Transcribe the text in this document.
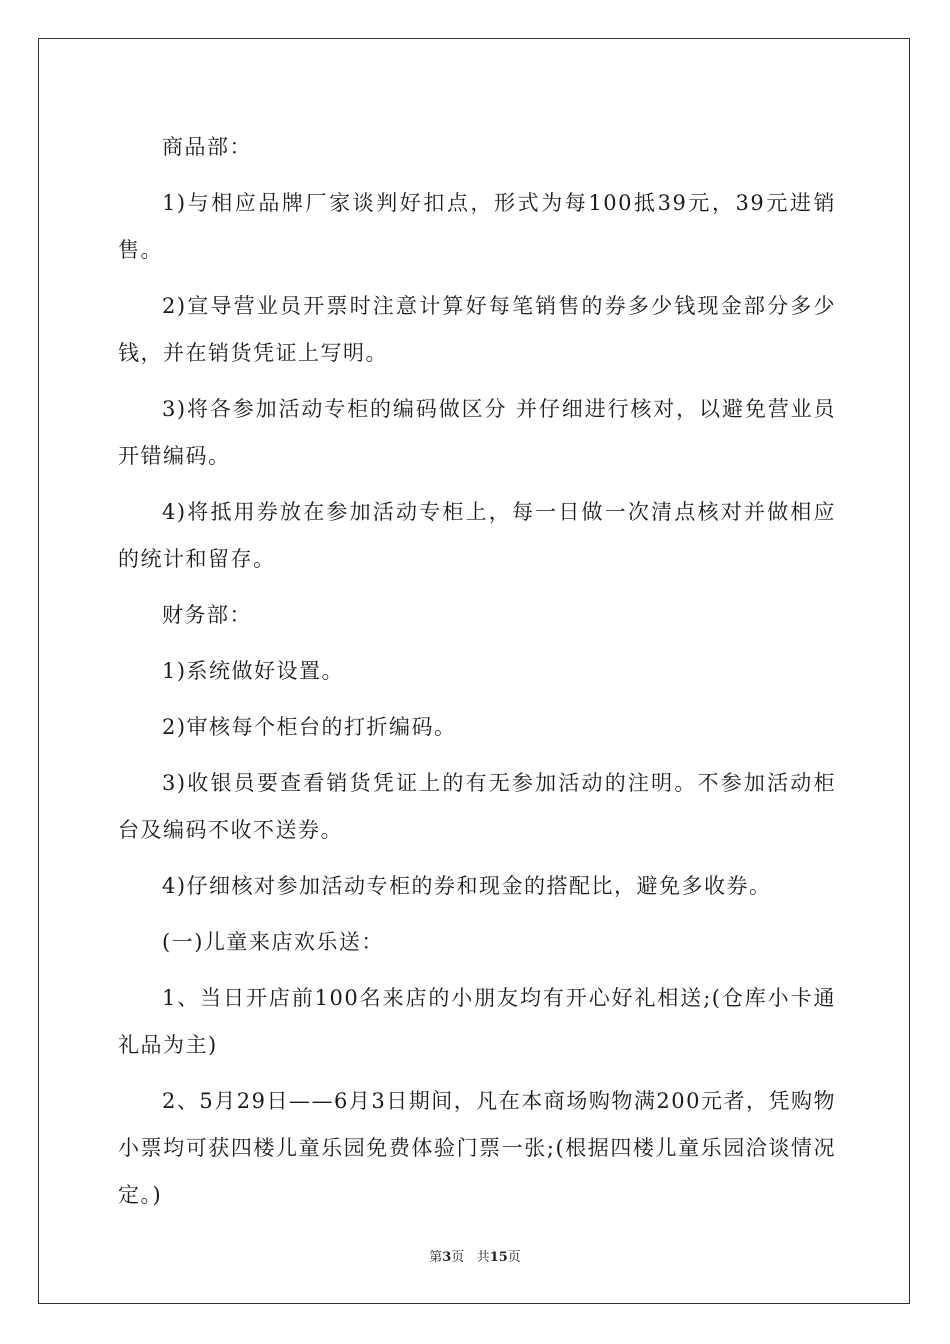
商品部：

1)与相应品牌厂家谈判好扣点，形式为每100抵39元，39元进销售。

2)宣导营业员开票时注意计算好每笔销售的券多少钱现金部分多少钱，并在销货凭证上写明。

3)将各参加活动专柜的编码做区分 并仔细进行核对，以避免营业员开错编码。

4)将抵用券放在参加活动专柜上，每一日做一次清点核对并做相应的统计和留存。

财务部：

1)系统做好设置。

2)审核每个柜台的打折编码。

3)收银员要查看销货凭证上的有无参加活动的注明。不参加活动柜台及编码不收不送券。

4)仔细核对参加活动专柜的券和现金的搭配比，避免多收券。

(一)儿童来店欢乐送：

1、当日开店前100名来店的小朋友均有开心好礼相送;(仓库小卡通礼品为主)

2、5月29日——6月3日期间，凡在本商场购物满200元者，凭购物小票均可获四楼儿童乐园免费体验门票一张;(根据四楼儿童乐园洽谈情况定。)

第3页 共15页
